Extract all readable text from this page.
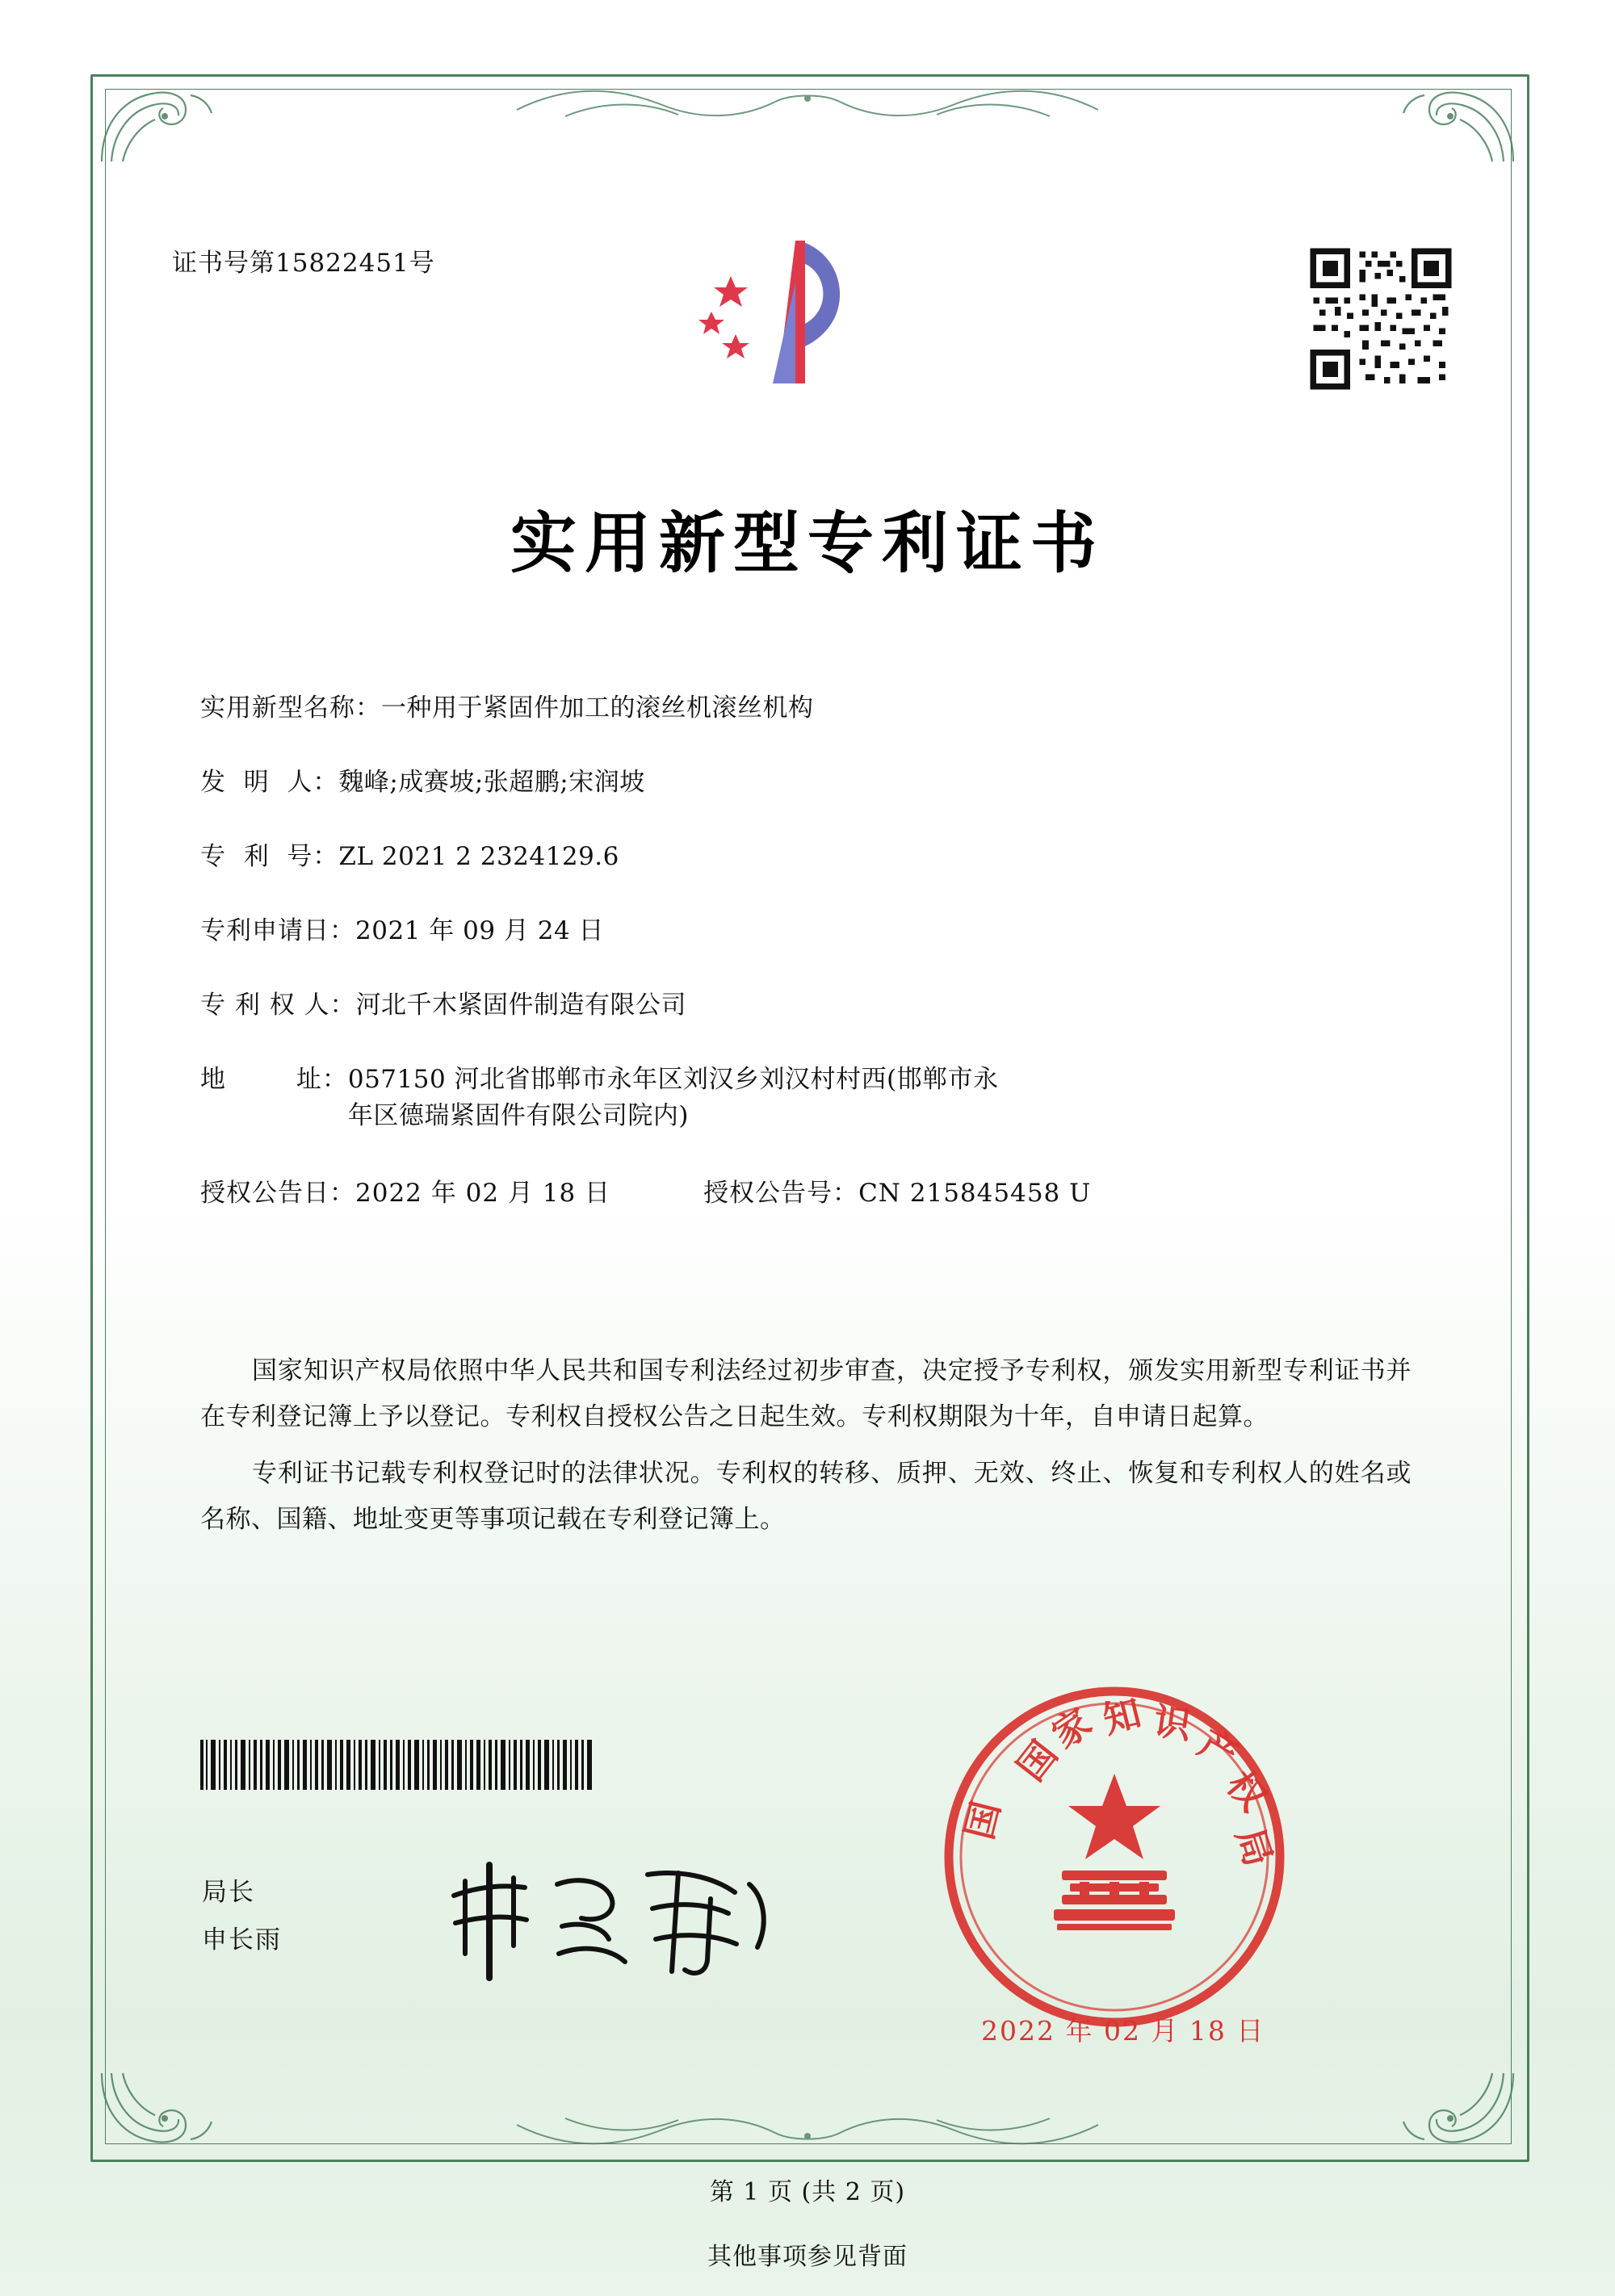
证书号第15822451号
实用新型专利证书
实用新型名称： 一种用于紧固件加工的滚丝机滚丝机构
发  明  人： 魏峰;成赛坡;张超鹏;宋润坡
专  利  号： ZL 2021 2 2324129.6
专利申请日： 2021 年 09 月 24 日
专 利 权 人： 河北千木紧固件制造有限公司
地        址： 057150 河北省邯郸市永年区刘汉乡刘汉村村西(邯郸市永
年区德瑞紧固件有限公司院内)
授权公告日： 2022 年 02 月 18 日	授权公告号： CN 215845458 U

国家知识产权局依照中华人民共和国专利法经过初步审查，决定授予专利权，颁发实用新型专利证书并在专利登记簿上予以登记。专利权自授权公告之日起生效。专利权期限为十年，自申请日起算。

专利证书记载专利权登记时的法律状况。专利权的转移、质押、无效、终止、恢复和专利权人的姓名或名称、国籍、地址变更等事项记载在专利登记簿上。

局长
申长雨
国
家 知 识
产
权
局
国
2022 年 02 月 18 日
第 1 页 (共 2 页)
其他事项参见背面
